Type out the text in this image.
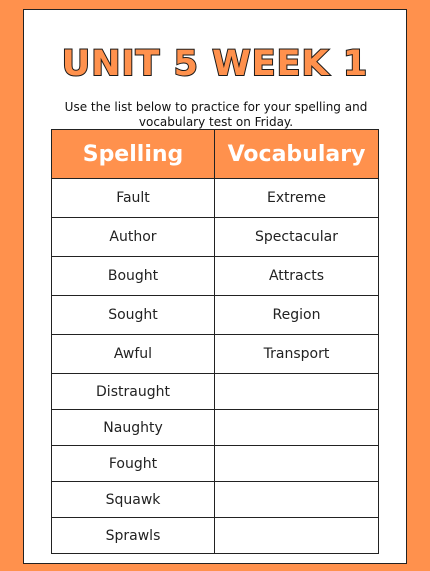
UNIT 5 WEEK 1
Use the list below to practice for your spelling and
vocabulary test on Friday.
Spelling	Vocabulary
Fault	Extreme
Author	Spectacular
Bought	Attracts
Sought	Region
Awful	Transport
Distraught	
Naughty	
Fought	
Squawk	
Sprawls	
